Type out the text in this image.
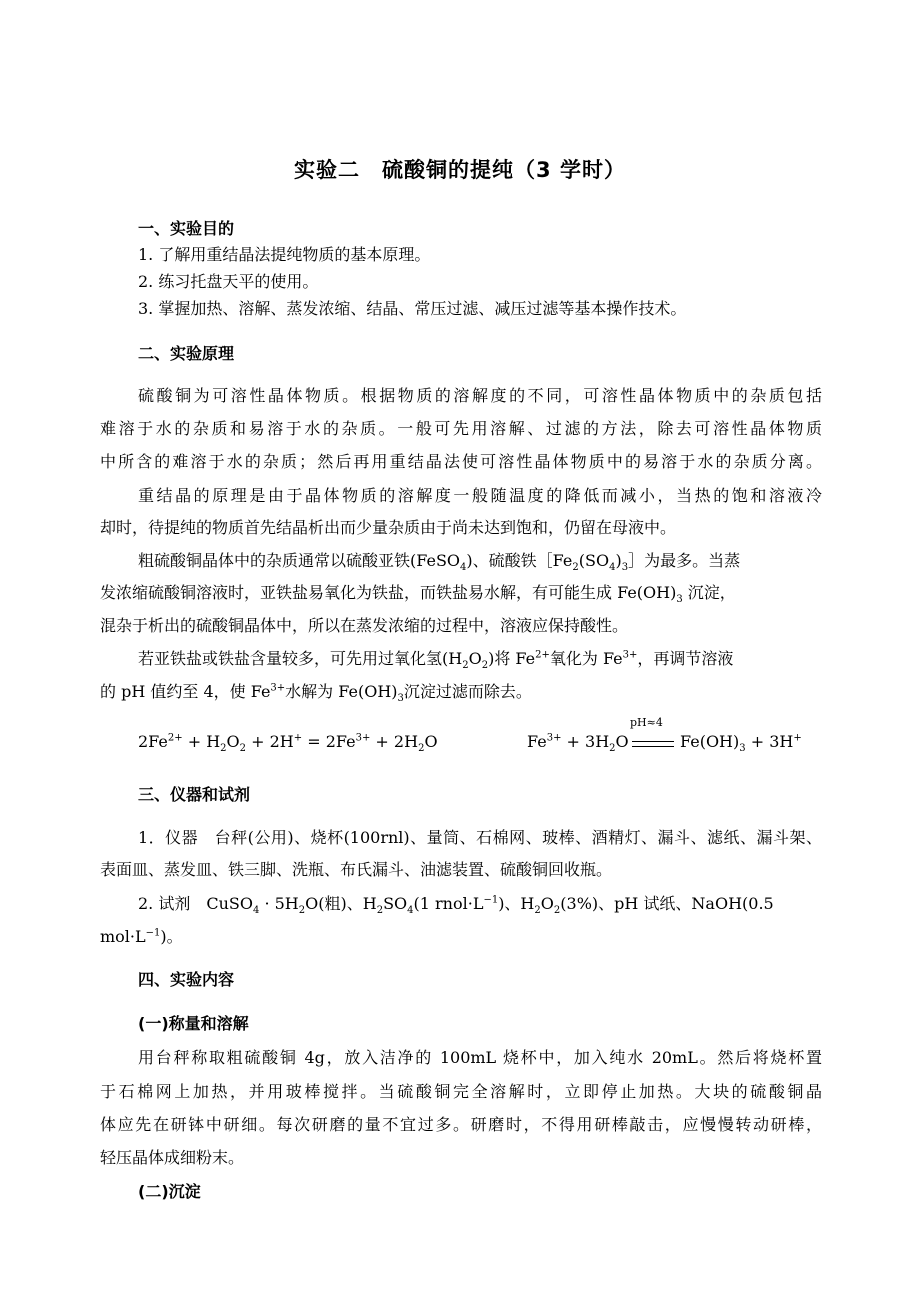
实验二　硫酸铜的提纯（3 学时）
一、实验目的
1. 了解用重结晶法提纯物质的基本原理。
2. 练习托盘天平的使用。
3. 掌握加热、溶解、蒸发浓缩、结晶、常压过滤、减压过滤等基本操作技术。
二、实验原理
硫酸铜为可溶性晶体物质。根据物质的溶解度的不同，可溶性晶体物质中的杂质包括
难溶于水的杂质和易溶于水的杂质。一般可先用溶解、过滤的方法，除去可溶性晶体物质
中所含的难溶于水的杂质；然后再用重结晶法使可溶性晶体物质中的易溶于水的杂质分离。
重结晶的原理是由于晶体物质的溶解度一般随温度的降低而减小，当热的饱和溶液冷
却时，待提纯的物质首先结晶析出而少量杂质由于尚未达到饱和，仍留在母液中。
粗硫酸铜晶体中的杂质通常以硫酸亚铁(FeSO$_4$)、硫酸铁$[Fe_2(SO_4)_3]$为最多。当蒸
发浓缩硫酸铜溶液时，亚铁盐易氧化为铁盐，而铁盐易水解，有可能生成 $Fe(OH)_3$ 沉淀，
混杂于析出的硫酸铜晶体中，所以在蒸发浓缩的过程中，溶液应保持酸性。
若亚铁盐或铁盐含量较多，可先用过氧化氢$(H_2O_2)$将 $Fe^{2+}$氧化为 $Fe^{3+}$，再调节溶液
的 pH 值约至 4，使 $Fe^{3+}$水解为 $Fe(OH)_3$沉淀过滤而除去。
$2Fe^{2+} + H_2O_2 + 2H^+ = 2Fe^{3+} + 2H_2O$	$Fe^{3+} + 3H_2O$
pH≈4
$Fe(OH)_3 + 3H^+$
三、仪器和试剂
1．仪器　台秤(公用)、烧杯(100rnl)、量筒、石棉网、玻棒、酒精灯、漏斗、滤纸、漏斗架、
表面皿、蒸发皿、铁三脚、洗瓶、布氏漏斗、油滤装置、硫酸铜回收瓶。
2. 试剂　CuSO$_4$ · $5H_2O$(粗)、$H_2SO_4(1$ $rnol\cdot L^{-1}$)、$H_2O_2(3\%)$、pH 试纸、NaOH(0.5
$mol\cdot L^{-1}$)。
四、实验内容
(一)称量和溶解
用台秤称取粗硫酸铜 4g，放入洁净的 100mL 烧杯中，加入纯水 20mL。然后将烧杯置
于石棉网上加热，并用玻棒搅拌。当硫酸铜完全溶解时，立即停止加热。大块的硫酸铜晶
体应先在研钵中研细。每次研磨的量不宜过多。研磨时，不得用研棒敲击，应慢慢转动研棒，
轻压晶体成细粉末。
(二)沉淀
